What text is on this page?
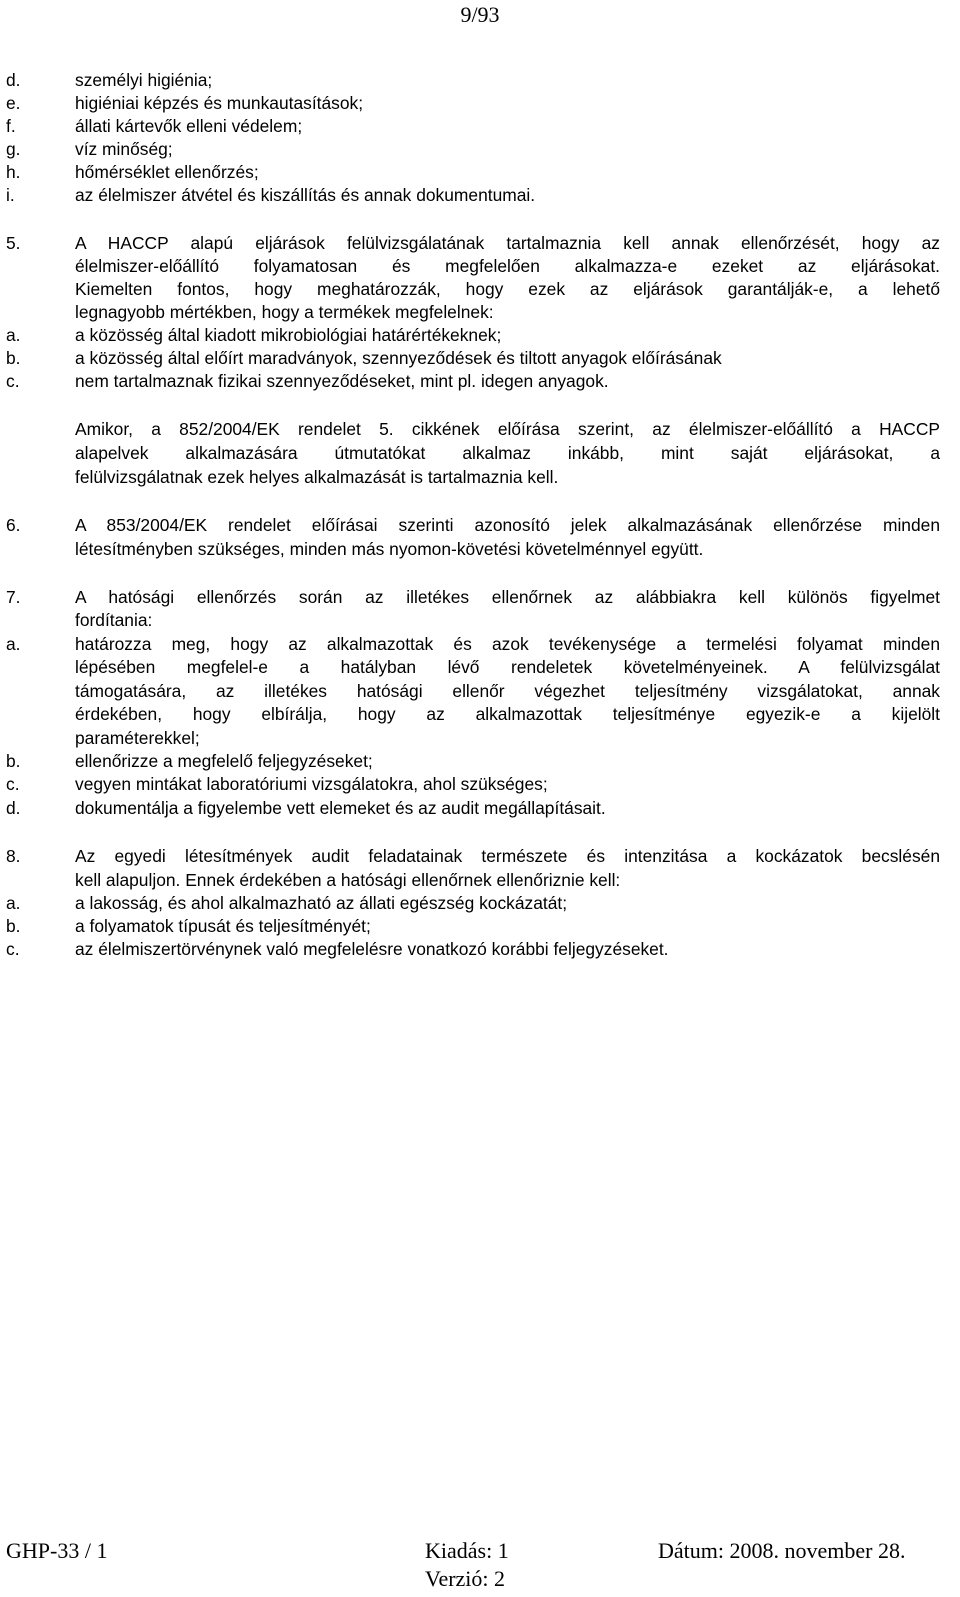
9/93
d.	személyi higiénia;
e.	higiéniai képzés és munkautasítások;
f.	állati kártevők elleni védelem;
g.	víz minőség;
h.	hőmérséklet ellenőrzés;
i.	az élelmiszer átvétel és kiszállítás és annak dokumentumai.
5.	A HACCP alapú eljárások felülvizsgálatának tartalmaznia kell annak ellenőrzését, hogy az
élelmiszer-előállító folyamatosan és megfelelően alkalmazza-e ezeket az eljárásokat.
Kiemelten fontos, hogy meghatározzák, hogy ezek az eljárások garantálják-e, a lehető
legnagyobb mértékben, hogy a termékek megfelelnek:
a.	a közösség által kiadott mikrobiológiai határértékeknek;
b.	a közösség által előírt maradványok, szennyeződések és tiltott anyagok előírásának
c.	nem tartalmaznak fizikai szennyeződéseket, mint pl. idegen anyagok.
Amikor, a 852/2004/EK rendelet 5. cikkének előírása szerint, az élelmiszer-előállító a HACCP
alapelvek alkalmazására útmutatókat alkalmaz inkább, mint saját eljárásokat, a
felülvizsgálatnak ezek helyes alkalmazását is tartalmaznia kell.
6.	A 853/2004/EK rendelet előírásai szerinti azonosító jelek alkalmazásának ellenőrzése minden
létesítményben szükséges, minden más nyomon-követési követelménnyel együtt.
7.	A hatósági ellenőrzés során az illetékes ellenőrnek az alábbiakra kell különös figyelmet
fordítania:
a.	határozza meg, hogy az alkalmazottak és azok tevékenysége a termelési folyamat minden
lépésében megfelel-e a hatályban lévő rendeletek követelményeinek. A felülvizsgálat
támogatására, az illetékes hatósági ellenőr végezhet teljesítmény vizsgálatokat, annak
érdekében, hogy elbírálja, hogy az alkalmazottak teljesítménye egyezik-e a kijelölt
paraméterekkel;
b.	ellenőrizze a megfelelő feljegyzéseket;
c.	vegyen mintákat laboratóriumi vizsgálatokra, ahol szükséges;
d.	dokumentálja a figyelembe vett elemeket és az audit megállapításait.
8.	Az egyedi létesítmények audit feladatainak természete és intenzitása a kockázatok becslésén
kell alapuljon. Ennek érdekében a hatósági ellenőrnek ellenőriznie kell:
a.	a lakosság, és ahol alkalmazható az állati egészség kockázatát;
b.	a folyamatok típusát és teljesítményét;
c.	az élelmiszertörvénynek való megfelelésre vonatkozó korábbi feljegyzéseket.
GHP-33 / 1	Kiadás: 1	Dátum: 2008. november 28.
Verzió: 2
